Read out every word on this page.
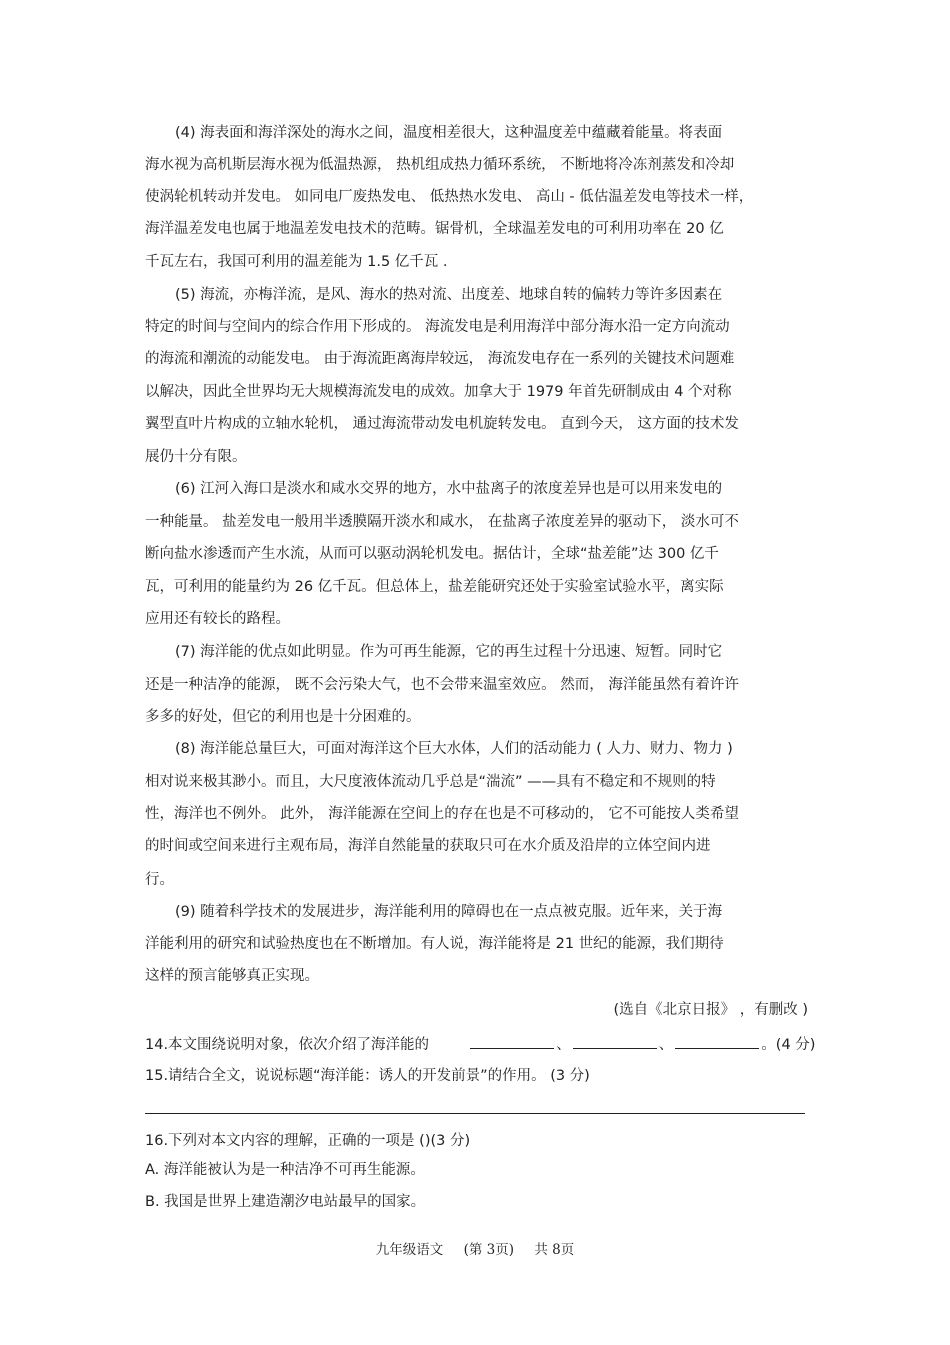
(4) 海表面和海洋深处的海水之间，温度相差很大，这种温度差中蕴藏着能量。将表面
海水视为高机斯层海水视为低温热源， 热机组成热力循环系统， 不断地将冷冻剂蒸发和冷却
使涡轮机转动并发电。 如同电厂废热发电、 低热热水发电、 高山 - 低估温差发电等技术一样，
海洋温差发电也属于地温差发电技术的范畴。锯骨机，全球温差发电的可利用功率在 20 亿
千瓦左右，我国可利用的温差能为 1.5 亿千瓦 .
(5) 海流，亦梅洋流，是风、海水的热对流、出度差、地球自转的偏转力等许多因素在
特定的时间与空间内的综合作用下形成的。 海流发电是利用海洋中部分海水沿一定方向流动
的海流和潮流的动能发电。 由于海流距离海岸较远， 海流发电存在一系列的关键技术问题难
以解决，因此全世界均无大规模海流发电的成效。加拿大于 1979 年首先研制成由 4 个对称
翼型直叶片构成的立轴水轮机， 通过海流带动发电机旋转发电。 直到今天， 这方面的技术发
展仍十分有限。
(6) 江河入海口是淡水和咸水交界的地方，水中盐离子的浓度差异也是可以用来发电的
一种能量。 盐差发电一般用半透膜隔开淡水和咸水， 在盐离子浓度差异的驱动下， 淡水可不
断向盐水渗透而产生水流，从而可以驱动涡轮机发电。据估计，全球“盐差能”达 300 亿千
瓦，可利用的能量约为 26 亿千瓦。但总体上，盐差能研究还处于实验室试验水平，离实际
应用还有较长的路程。
(7) 海洋能的优点如此明显。作为可再生能源，它的再生过程十分迅速、短暂。同时它
还是一种洁净的能源， 既不会污染大气，也不会带来温室效应。 然而， 海洋能虽然有着许许
多多的好处，但它的利用也是十分困难的。
(8) 海洋能总量巨大，可面对海洋这个巨大水体，人们的活动能力 ( 人力、财力、物力 )
相对说来极其渺小。而且，大尺度液体流动几乎总是“湍流” ——具有不稳定和不规则的特
性，海洋也不例外。 此外， 海洋能源在空间上的存在也是不可移动的， 它不可能按人类希望
的时间或空间来进行主观布局，海洋自然能量的获取只可在水介质及沿岸的立体空间内进
行。
(9) 随着科学技术的发展进步，海洋能利用的障碍也在一点点被克服。近年来，关于海
洋能利用的研究和试验热度也在不断增加。有人说，海洋能将是 21 世纪的能源，我们期待
这样的预言能够真正实现。
(选自《北京日报》 ，有删改 )
14.本文围绕说明对象，依次介绍了海洋能的	、	、	。(4 分)
15.请结合全文，说说标题“海洋能：诱人的开发前景”的作用。 (3 分)
16.下列对本文内容的理解，正确的一项是 ()(3 分)
A. 海洋能被认为是一种洁净不可再生能源。
B. 我国是世界上建造潮汐电站最早的国家。
九年级语文 (第 3页) 共 8页
